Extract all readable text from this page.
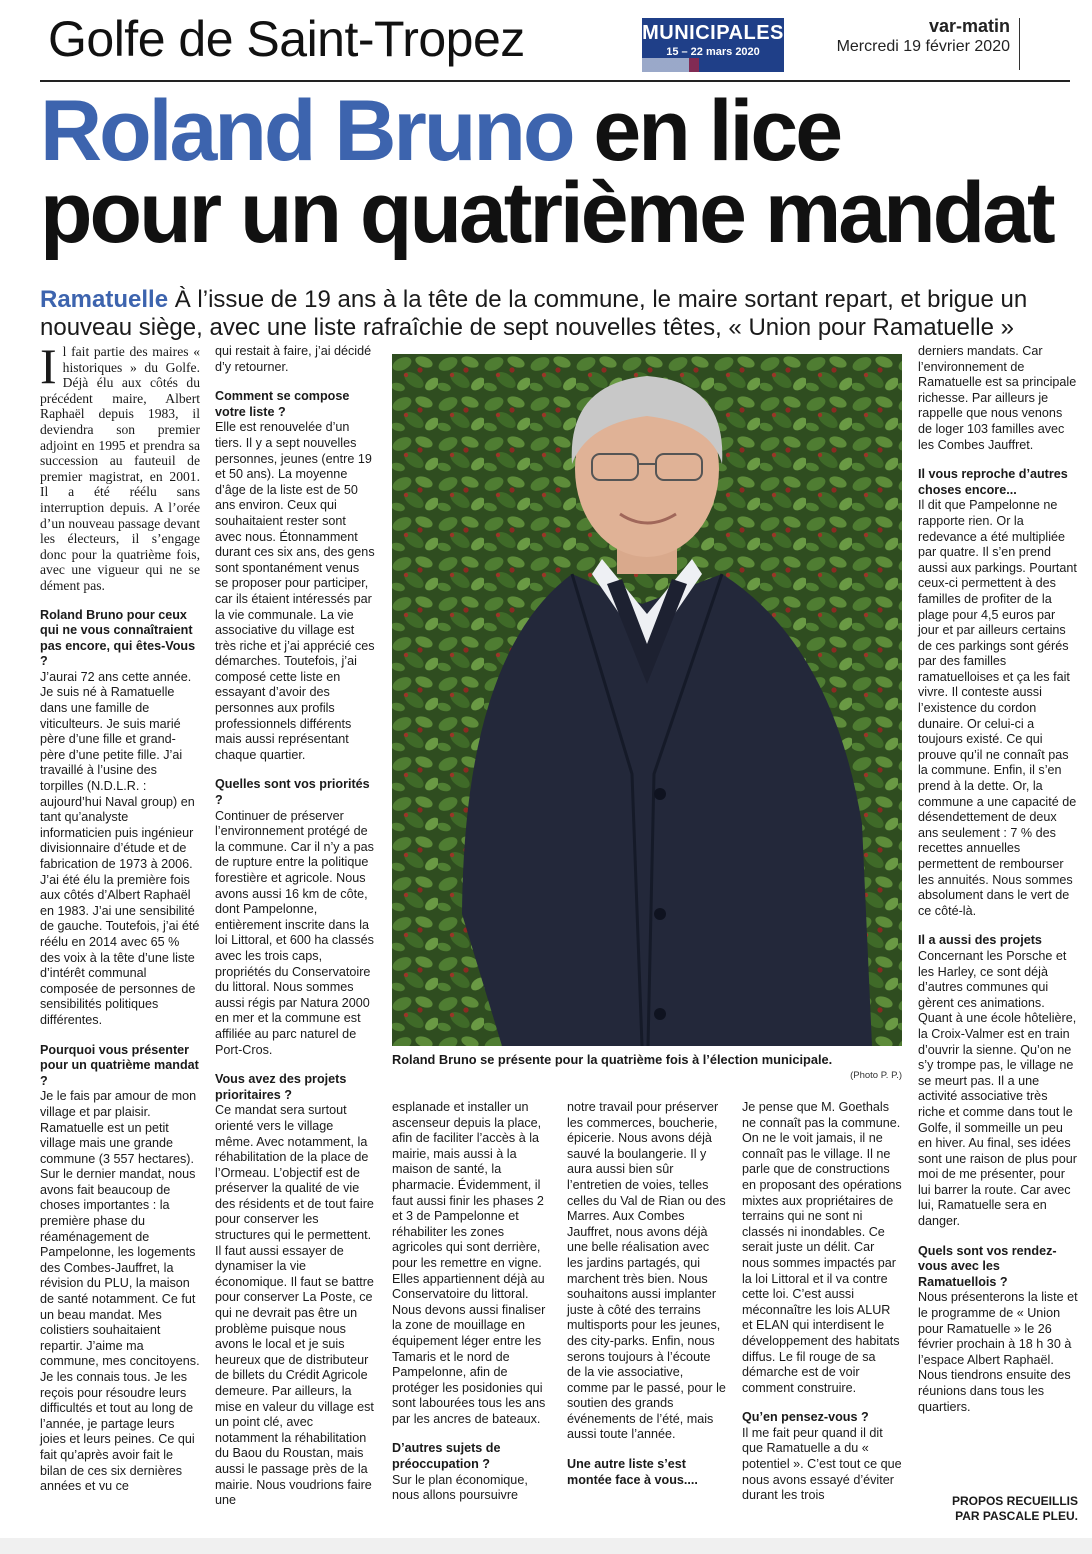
Golfe de Saint-Tropez	MUNICIPALES
15 – 22 mars 2020
var-matin
Mercredi 19 février 2020
Roland Bruno en lice
pour un quatrième mandat
Ramatuelle À l’issue de 19 ans à la tête de la commune, le maire sortant repart, et brigue un nouveau siège, avec une liste rafraîchie de sept nouvelles têtes, « Union pour Ramatuelle »
Il fait partie des maires « historiques » du Golfe. Déjà élu aux côtés du précédent maire, Albert Raphaël depuis 1983, il deviendra son premier adjoint en 1995 et prendra sa succession au fauteuil de premier magistrat, en 2001. Il a été réélu sans interruption depuis. A l’orée d’un nouveau passage devant les électeurs, il s’engage donc pour la quatrième fois, avec une vigueur qui ne se dément pas.

Roland Bruno pour ceux qui ne vous connaîtraient pas encore, qui êtes-Vous ?

J’aurai 72 ans cette année. Je suis né à Ramatuelle dans une famille de viticulteurs. Je suis marié père d’une fille et grand-père d’une petite fille. J’ai travaillé à l’usine des torpilles (N.D.L.R. : aujourd’hui Naval group) en tant qu’analyste informaticien puis ingénieur divisionnaire d’étude et de fabrication de 1973 à 2006. J’ai été élu la première fois aux côtés d’Albert Raphaël en 1983. J’ai une sensibilité de gauche. Toutefois, j’ai été réélu en 2014 avec 65 % des voix à la tête d’une liste d’intérêt communal composée de personnes de sensibilités politiques différentes.

Pourquoi vous présenter pour un quatrième mandat ?

Je le fais par amour de mon village et par plaisir. Ramatuelle est un petit village mais une grande commune (3 557 hectares). Sur le dernier mandat, nous avons fait beaucoup de choses importantes : la première phase du réaménagement de Pampelonne, les logements des Combes-Jauffret, la révision du PLU, la maison de santé notamment. Ce fut un beau mandat. Mes colistiers souhaitaient repartir. J’aime ma commune, mes concitoyens. Je les connais tous. Je les reçois pour résoudre leurs difficultés et tout au long de l’année, je partage leurs joies et leurs peines. Ce qui fait qu’après avoir fait le bilan de ces six dernières années et vu ce

qui restait à faire, j’ai décidé d’y retourner.

Comment se compose votre liste ?

Elle est renouvelée d’un tiers. Il y a sept nouvelles personnes, jeunes (entre 19 et 50 ans). La moyenne d’âge de la liste est de 50 ans environ. Ceux qui souhaitaient rester sont avec nous. Étonnamment durant ces six ans, des gens sont spontanément venus se proposer pour participer, car ils étaient intéressés par la vie communale. La vie associative du village est très riche et j’ai apprécié ces démarches. Toutefois, j’ai composé cette liste en essayant d’avoir des personnes aux profils professionnels différents mais aussi représentant chaque quartier.

Quelles sont vos priorités ?

Continuer de préserver l’environnement protégé de la commune. Car il n’y a pas de rupture entre la politique forestière et agricole. Nous avons aussi 16 km de côte, dont Pampelonne, entièrement inscrite dans la loi Littoral, et 600 ha classés avec les trois caps, propriétés du Conservatoire du littoral. Nous sommes aussi régis par Natura 2000 en mer et la commune est affiliée au parc naturel de Port-Cros.

Vous avez des projets prioritaires ?

Ce mandat sera surtout orienté vers le village même. Avec notamment, la réhabilitation de la place de l’Ormeau. L’objectif est de préserver la qualité de vie des résidents et de tout faire pour conserver les structures qui le permettent. Il faut aussi essayer de dynamiser la vie économique. Il faut se battre pour conserver La Poste, ce qui ne devrait pas être un problème puisque nous avons le local et je suis heureux que de distributeur de billets du Crédit Agricole demeure. Par ailleurs, la mise en valeur du village est un point clé, avec notamment la réhabilitation du Baou du Roustan, mais aussi le passage près de la mairie. Nous voudrions faire une

Roland Bruno se présente pour la quatrième fois à l’élection municipale.
(Photo P. P.)

esplanade et installer un ascenseur depuis la place, afin de faciliter l’accès à la mairie, mais aussi à la maison de santé, la pharmacie. Évidemment, il faut aussi finir les phases 2 et 3 de Pampelonne et réhabiliter les zones agricoles qui sont derrière, pour les remettre en vigne. Elles appartiennent déjà au Conservatoire du littoral. Nous devons aussi finaliser la zone de mouillage en équipement léger entre les Tamaris et le nord de Pampelonne, afin de protéger les posidonies qui sont labourées tous les ans par les ancres de bateaux.

D’autres sujets de préoccupation ?

Sur le plan économique, nous allons poursuivre

notre travail pour préserver les commerces, boucherie, épicerie. Nous avons déjà sauvé la boulangerie. Il y aura aussi bien sûr l’entretien de voies, telles celles du Val de Rian ou des Marres. Aux Combes Jauffret, nous avons déjà une belle réalisation avec les jardins partagés, qui marchent très bien. Nous souhaitons aussi implanter juste à côté des terrains multisports pour les jeunes, des city-parks. Enfin, nous serons toujours à l’écoute de la vie associative, comme par le passé, pour le soutien des grands événements de l’été, mais aussi toute l’année.

Une autre liste s’est montée face à vous....

Je pense que M. Goethals ne connaît pas la commune. On ne le voit jamais, il ne connaît pas le village. Il ne parle que de constructions en proposant des opérations mixtes aux propriétaires de terrains qui ne sont ni classés ni inondables. Ce serait juste un délit. Car nous sommes impactés par la loi Littoral et il va contre cette loi. C’est aussi méconnaître les lois ALUR et ELAN qui interdisent le développement des habitats diffus. Le fil rouge de sa démarche est de voir comment construire.

Qu’en pensez-vous ?

Il me fait peur quand il dit que Ramatuelle a du « potentiel ». C’est tout ce que nous avons essayé d’éviter durant les trois

derniers mandats. Car l’environnement de Ramatuelle est sa principale richesse. Par ailleurs je rappelle que nous venons de loger 103 familles avec les Combes Jauffret.

Il vous reproche d’autres choses encore...

Il dit que Pampelonne ne rapporte rien. Or la redevance a été multipliée par quatre. Il s’en prend aussi aux parkings. Pourtant ceux-ci permettent à des familles de profiter de la plage pour 4,5 euros par jour et par ailleurs certains de ces parkings sont gérés par des familles ramatuelloises et ça les fait vivre. Il conteste aussi l’existence du cordon dunaire. Or celui-ci a toujours existé. Ce qui prouve qu’il ne connaît pas la commune. Enfin, il s’en prend à la dette. Or, la commune a une capacité de désendettement de deux ans seulement : 7 % des recettes annuelles permettent de rembourser les annuités. Nous sommes absolument dans le vert de ce côté-là.

Il a aussi des projets

Concernant les Porsche et les Harley, ce sont déjà d’autres communes qui gèrent ces animations. Quant à une école hôtelière, la Croix-Valmer est en train d’ouvrir la sienne. Qu’on ne s’y trompe pas, le village ne se meurt pas. Il a une activité associative très riche et comme dans tout le Golfe, il sommeille un peu en hiver. Au final, ses idées sont une raison de plus pour moi de me présenter, pour lui barrer la route. Car avec lui, Ramatuelle sera en danger.

Quels sont vos rendez-vous avec les Ramatuellois ?

Nous présenterons la liste et le programme de « Union pour Ramatuelle » le 26 février prochain à 18 h 30 à l’espace Albert Raphaël. Nous tiendrons ensuite des réunions dans tous les quartiers.

PROPOS RECUEILLIS
PAR PASCALE PLEU.
